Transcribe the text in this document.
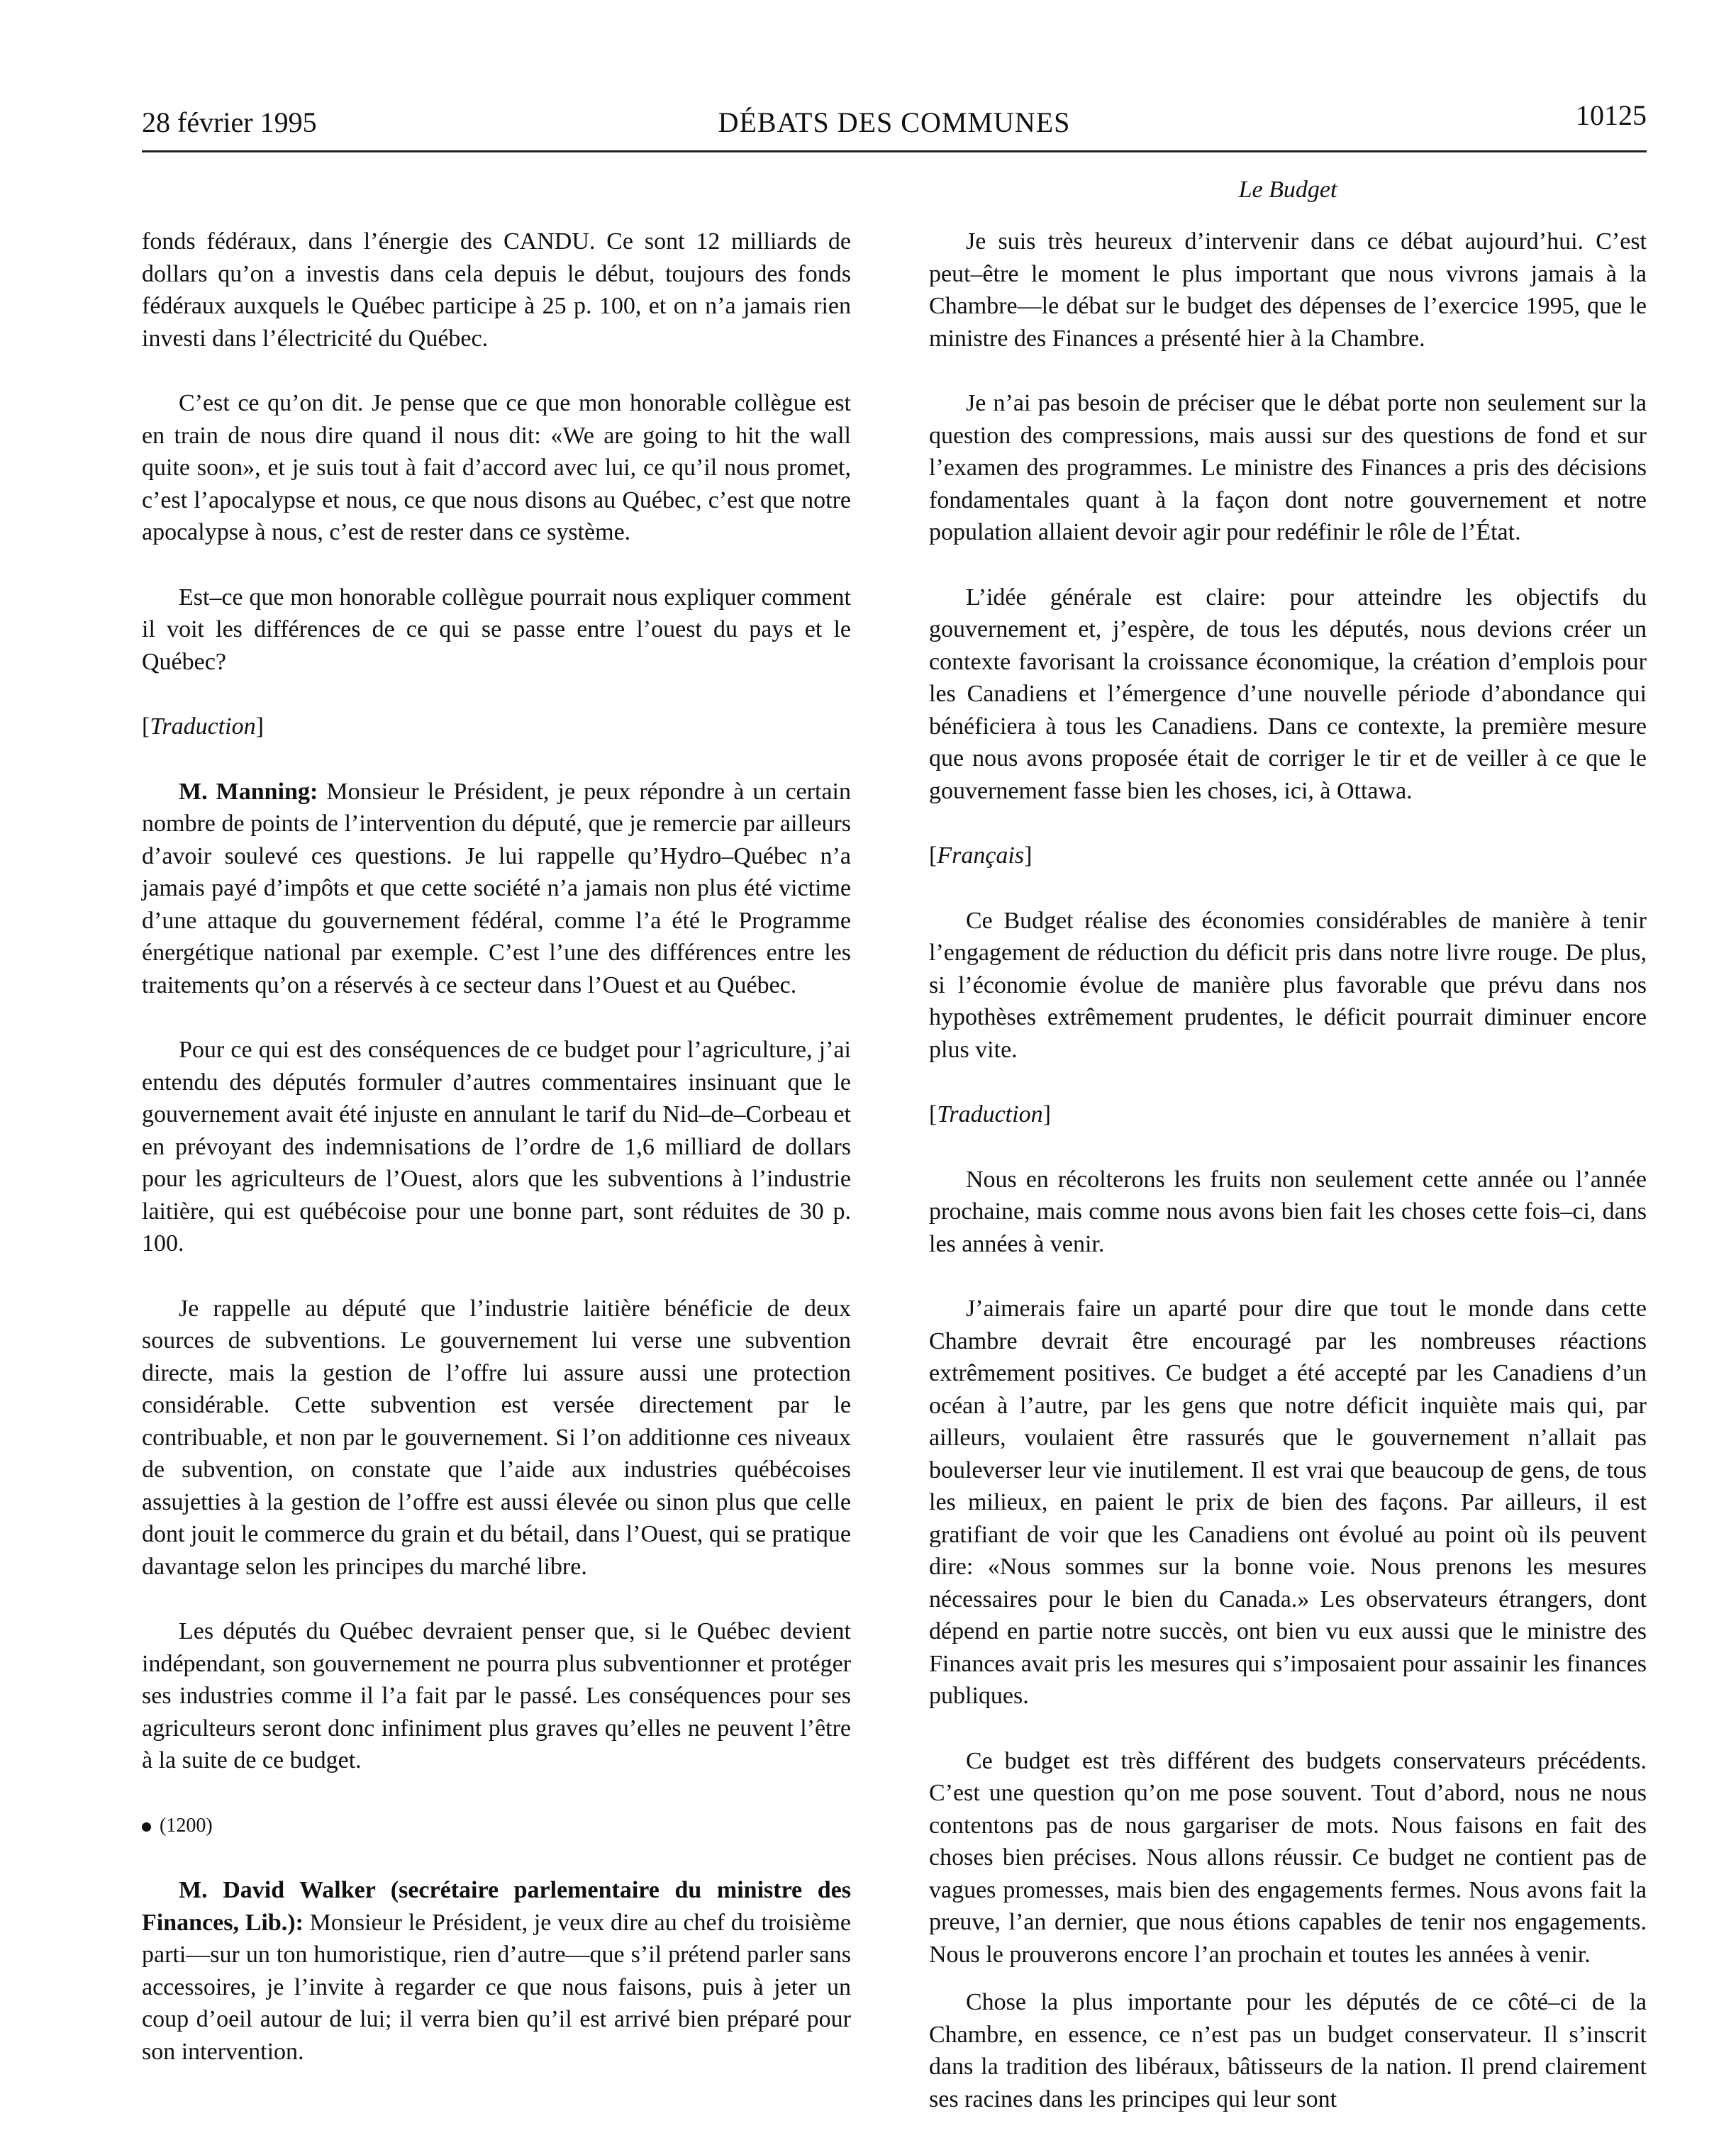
28 février 1995	DÉBATS DES COMMUNES	10125
Le Budget

fonds fédéraux, dans l’énergie des CANDU. Ce sont 12 milliards de dollars qu’on a investis dans cela depuis le début, toujours des fonds fédéraux auxquels le Québec participe à 25 p. 100, et on n’a jamais rien investi dans l’électricité du Québec.

C’est ce qu’on dit. Je pense que ce que mon honorable collègue est en train de nous dire quand il nous dit: «We are going to hit the wall quite soon», et je suis tout à fait d’accord avec lui, ce qu’il nous promet, c’est l’apocalypse et nous, ce que nous disons au Québec, c’est que notre apocalypse à nous, c’est de rester dans ce système.

Est–ce que mon honorable collègue pourrait nous expliquer comment il voit les différences de ce qui se passe entre l’ouest du pays et le Québec?

[Traduction]

M. Manning: Monsieur le Président, je peux répondre à un certain nombre de points de l’intervention du député, que je remercie par ailleurs d’avoir soulevé ces questions. Je lui rappelle qu’Hydro–Québec n’a jamais payé d’impôts et que cette société n’a jamais non plus été victime d’une attaque du gouvernement fédéral, comme l’a été le Programme énergétique national par exemple. C’est l’une des différences entre les traitements qu’on a réservés à ce secteur dans l’Ouest et au Québec.

Pour ce qui est des conséquences de ce budget pour l’agriculture, j’ai entendu des députés formuler d’autres commentaires insinuant que le gouvernement avait été injuste en annulant le tarif du Nid–de–Corbeau et en prévoyant des indemnisations de l’ordre de 1,6 milliard de dollars pour les agriculteurs de l’Ouest, alors que les subventions à l’industrie laitière, qui est québécoise pour une bonne part, sont réduites de 30 p. 100.

Je rappelle au député que l’industrie laitière bénéficie de deux sources de subventions. Le gouvernement lui verse une subvention directe, mais la gestion de l’offre lui assure aussi une protection considérable. Cette subvention est versée directement par le contribuable, et non par le gouvernement. Si l’on additionne ces niveaux de subvention, on constate que l’aide aux industries québécoises assujetties à la gestion de l’offre est aussi élevée ou sinon plus que celle dont jouit le commerce du grain et du bétail, dans l’Ouest, qui se pratique davantage selon les principes du marché libre.

Les députés du Québec devraient penser que, si le Québec devient indépendant, son gouvernement ne pourra plus subventionner et protéger ses industries comme il l’a fait par le passé. Les conséquences pour ses agriculteurs seront donc infiniment plus graves qu’elles ne peuvent l’être à la suite de ce budget.

(1200)

M. David Walker (secrétaire parlementaire du ministre des Finances, Lib.): Monsieur le Président, je veux dire au chef du troisième parti—sur un ton humoristique, rien d’autre—que s’il prétend parler sans accessoires, je l’invite à regarder ce que nous faisons, puis à jeter un coup d’oeil autour de lui; il verra bien qu’il est arrivé bien préparé pour son intervention.

Je suis très heureux d’intervenir dans ce débat aujourd’hui. C’est peut–être le moment le plus important que nous vivrons jamais à la Chambre—le débat sur le budget des dépenses de l’exercice 1995, que le ministre des Finances a présenté hier à la Chambre.

Je n’ai pas besoin de préciser que le débat porte non seulement sur la question des compressions, mais aussi sur des questions de fond et sur l’examen des programmes. Le ministre des Finances a pris des décisions fondamentales quant à la façon dont notre gouvernement et notre population allaient devoir agir pour redéfinir le rôle de l’État.

L’idée générale est claire: pour atteindre les objectifs du gouvernement et, j’espère, de tous les députés, nous devions créer un contexte favorisant la croissance économique, la création d’emplois pour les Canadiens et l’émergence d’une nouvelle période d’abondance qui bénéficiera à tous les Canadiens. Dans ce contexte, la première mesure que nous avons proposée était de corriger le tir et de veiller à ce que le gouvernement fasse bien les choses, ici, à Ottawa.

[Français]

Ce Budget réalise des économies considérables de manière à tenir l’engagement de réduction du déficit pris dans notre livre rouge. De plus, si l’économie évolue de manière plus favorable que prévu dans nos hypothèses extrêmement prudentes, le déficit pourrait diminuer encore plus vite.

[Traduction]

Nous en récolterons les fruits non seulement cette année ou l’année prochaine, mais comme nous avons bien fait les choses cette fois–ci, dans les années à venir.

J’aimerais faire un aparté pour dire que tout le monde dans cette Chambre devrait être encouragé par les nombreuses réactions extrêmement positives. Ce budget a été accepté par les Canadiens d’un océan à l’autre, par les gens que notre déficit inquiète mais qui, par ailleurs, voulaient être rassurés que le gouvernement n’allait pas bouleverser leur vie inutilement. Il est vrai que beaucoup de gens, de tous les milieux, en paient le prix de bien des façons. Par ailleurs, il est gratifiant de voir que les Canadiens ont évolué au point où ils peuvent dire: «Nous sommes sur la bonne voie. Nous prenons les mesures nécessaires pour le bien du Canada.» Les observateurs étrangers, dont dépend en partie notre succès, ont bien vu eux aussi que le ministre des Finances avait pris les mesures qui s’imposaient pour assainir les finances publiques.

Ce budget est très différent des budgets conservateurs précédents. C’est une question qu’on me pose souvent. Tout d’abord, nous ne nous contentons pas de nous gargariser de mots. Nous faisons en fait des choses bien précises. Nous allons réussir. Ce budget ne contient pas de vagues promesses, mais bien des engagements fermes. Nous avons fait la preuve, l’an dernier, que nous étions capables de tenir nos engagements. Nous le prouverons encore l’an prochain et toutes les années à venir.

Chose la plus importante pour les députés de ce côté–ci de la Chambre, en essence, ce n’est pas un budget conservateur. Il s’inscrit dans la tradition des libéraux, bâtisseurs de la nation. Il prend clairement ses racines dans les principes qui leur sont
